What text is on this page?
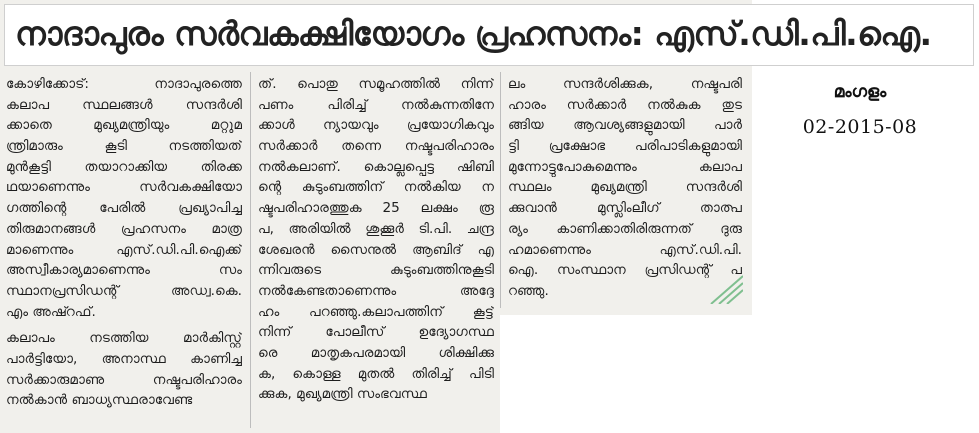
നാദാപുരം സർവകക്ഷിയോഗം പ്രഹസനം: എസ്.ഡി.പി.ഐ.
കോഴിക്കോട്: നാദാപുരത്തെ
കലാപ സ്ഥലങ്ങൾ സന്ദർശി
ക്കാതെ മുഖ്യമന്ത്രിയും മറ്റുമ
ന്ത്രിമാരും കൂടി നടത്തിയത്
മുൻകൂട്ടി തയാറാക്കിയ തിരക്ക
ഥയാണെന്നും സർവകക്ഷിയോ
ഗത്തിന്റെ പേരിൽ പ്രഖ്യാപിച്ച
തിരുമാനങ്ങൾ പ്രഹസനം മാത്ര
മാണെന്നും എസ്.ഡി.പി.ഐക്ക്
അസ്വീകാര്യമാണെന്നും സം
സ്ഥാനപ്രസിഡന്റ് അഡ്വ.കെ.
എം അഷ്റഫ്.
കലാപം നടത്തിയ മാർകിസ്റ്റ്
പാർട്ടിയോ, അനാസ്ഥ കാണിച്ച
സർക്കാരുമാണു നഷ്ടപരിഹാരം
നൽകാൻ ബാധ്യസ്ഥരാവേണ്ട
ത്. പൊതു സമൂഹത്തിൽ നിന്ന്
പണം പിരിച്ച് നൽകുന്നതിനേ
ക്കാൾ ന്യായവും പ്രയോഗികവും
സർക്കാർ തന്നെ നഷ്ടപരിഹാരം
നൽകലാണ്. കൊല്ലപ്പെട്ട ഷിബി
ന്റെ കുടുംബത്തിന് നൽകിയ ന
ഷ്ടപരിഹാരത്തുക 25 ലക്ഷം രൂ
പ, അരിയിൽ ശുക്കൂർ ടി.പി. ചന്ദ്ര
ശേഖരൻ സൈനുൽ ആബിദ് എ
ന്നിവരുടെ കുടുംബത്തിനുകൂടി
നൽകേണ്ടതാണെന്നും അദ്ദേ
ഹം പറഞ്ഞു.കലാപത്തിന് കൂട്ട്
നിന്ന് പോലീസ് ഉദ്യോഗസ്ഥ
രെ മാതൃകപരമായി ശിക്ഷിക്കു
ക, കൊള്ള മുതൽ തിരിച്ച് പിടി
ക്കുക, മുഖ്യമന്ത്രി സംഭവസ്ഥ
ലം സന്ദർശിക്കുക, നഷ്ടപരി
ഹാരം സർക്കാർ നൽകുക തുട
ങ്ങിയ ആവശ്യങ്ങളുമായി പാർ
ട്ടി പ്രക്ഷോഭ പരിപാടികളുമായി
മുന്നോട്ടുപോകുമെന്നും കലാപ
സ്ഥലം മുഖ്യമന്ത്രി സന്ദർശി
ക്കുവാൻ മുസ്ലിംലീഗ് താത്പ
ര്യം കാണിക്കാതിരിരുന്നത് ദുരു
ഹമാണെന്നും എസ്.ഡി.പി.
ഐ. സംസ്ഥാന പ്രസിഡന്റ് പ
റഞ്ഞു.
മംഗളം
02-2015-08
